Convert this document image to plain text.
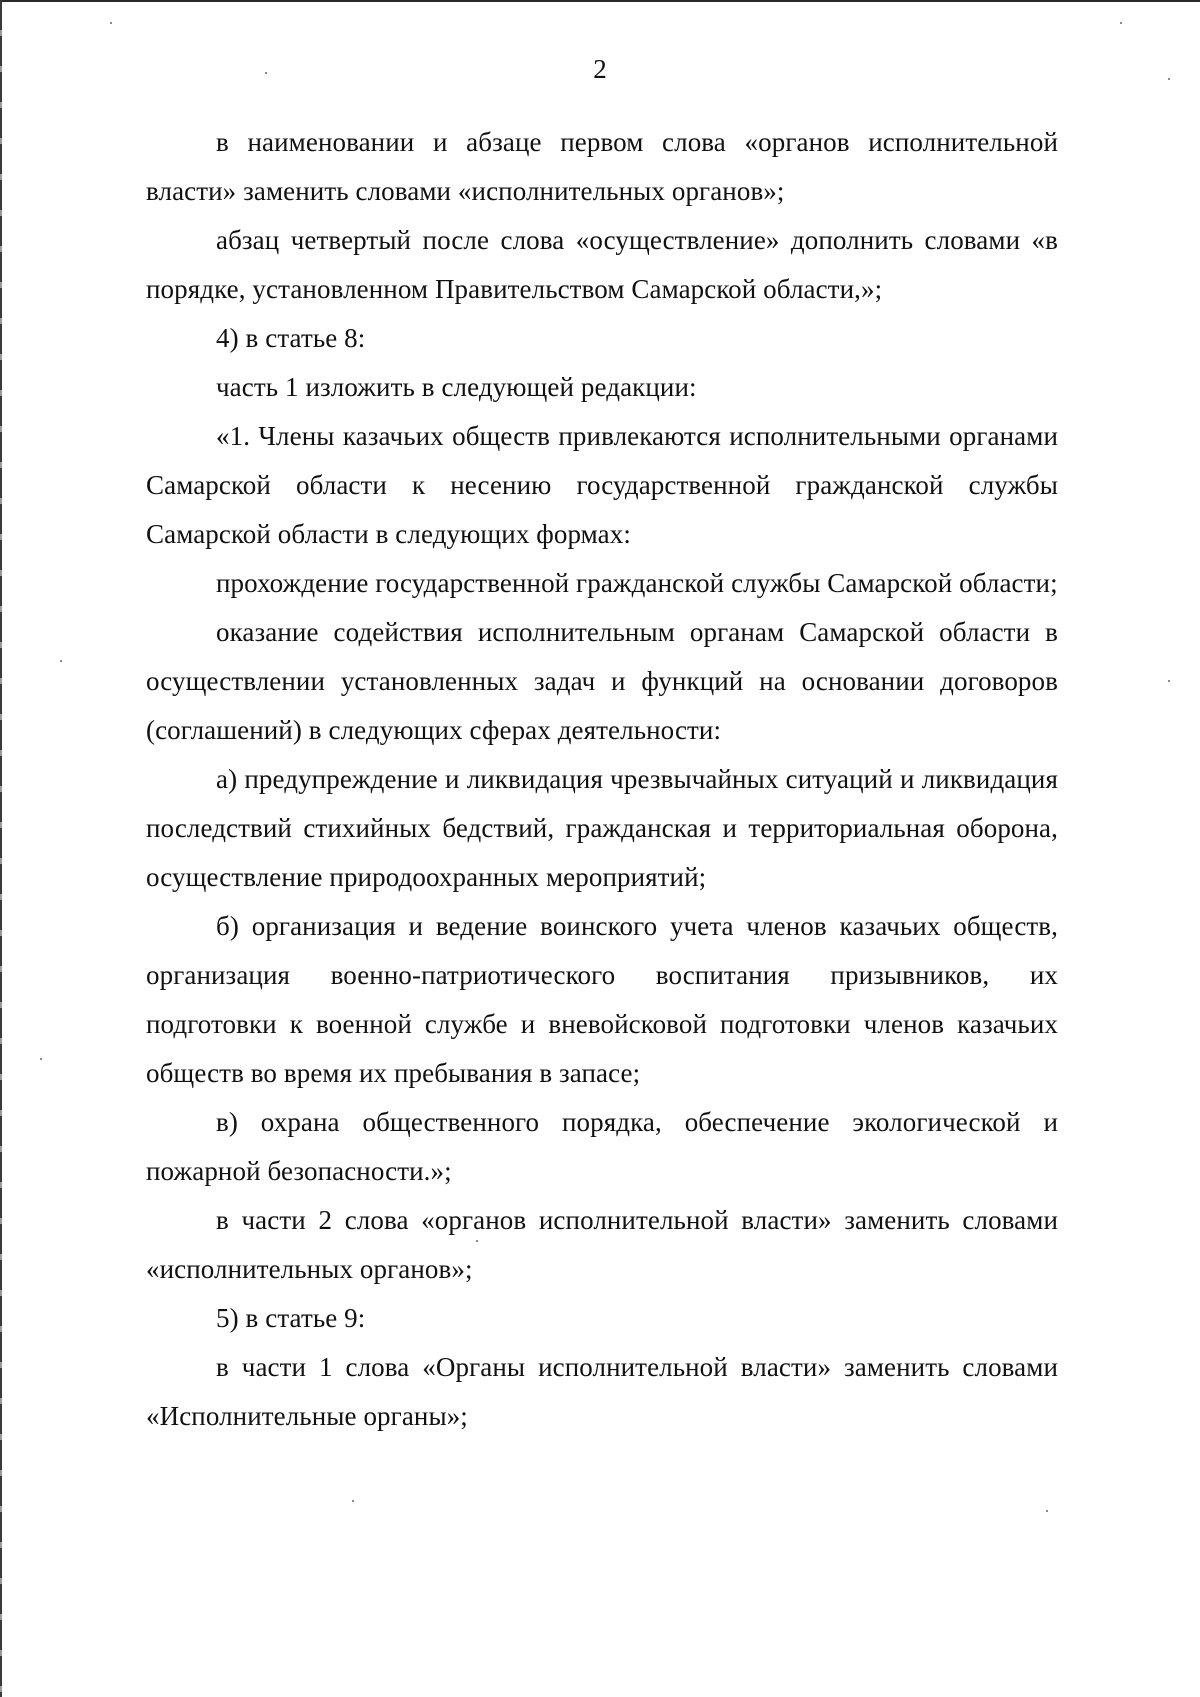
2

в наименовании и абзаце первом слова «органов исполнительной власти» заменить словами «исполнительных органов»;

абзац четвертый после слова «осуществление» дополнить словами «в порядке, установленном Правительством Самарской области,»;

4) в статье 8:

часть 1 изложить в следующей редакции:

«1. Члены казачьих обществ привлекаются исполнительными органами Самарской области к несению государственной гражданской службы Самарской области в следующих формах:

прохождение государственной гражданской службы Самарской области;

оказание содействия исполнительным органам Самарской области в осуществлении установленных задач и функций на основании договоров (соглашений) в следующих сферах деятельности:

а) предупреждение и ликвидация чрезвычайных ситуаций и ликвидация последствий стихийных бедствий, гражданская и территориальная оборона, осуществление природоохранных мероприятий;

б) организация и ведение воинского учета членов казачьих обществ, организация военно-патриотического воспитания призывников, их подготовки к военной службе и вневойсковой подготовки членов казачьих обществ во время их пребывания в запасе;

в) охрана общественного порядка, обеспечение экологической и пожарной безопасности.»;

в части 2 слова «органов исполнительной власти» заменить словами «исполнительных органов»;

5) в статье 9:

в части 1 слова «Органы исполнительной власти» заменить словами «Исполнительные органы»;
